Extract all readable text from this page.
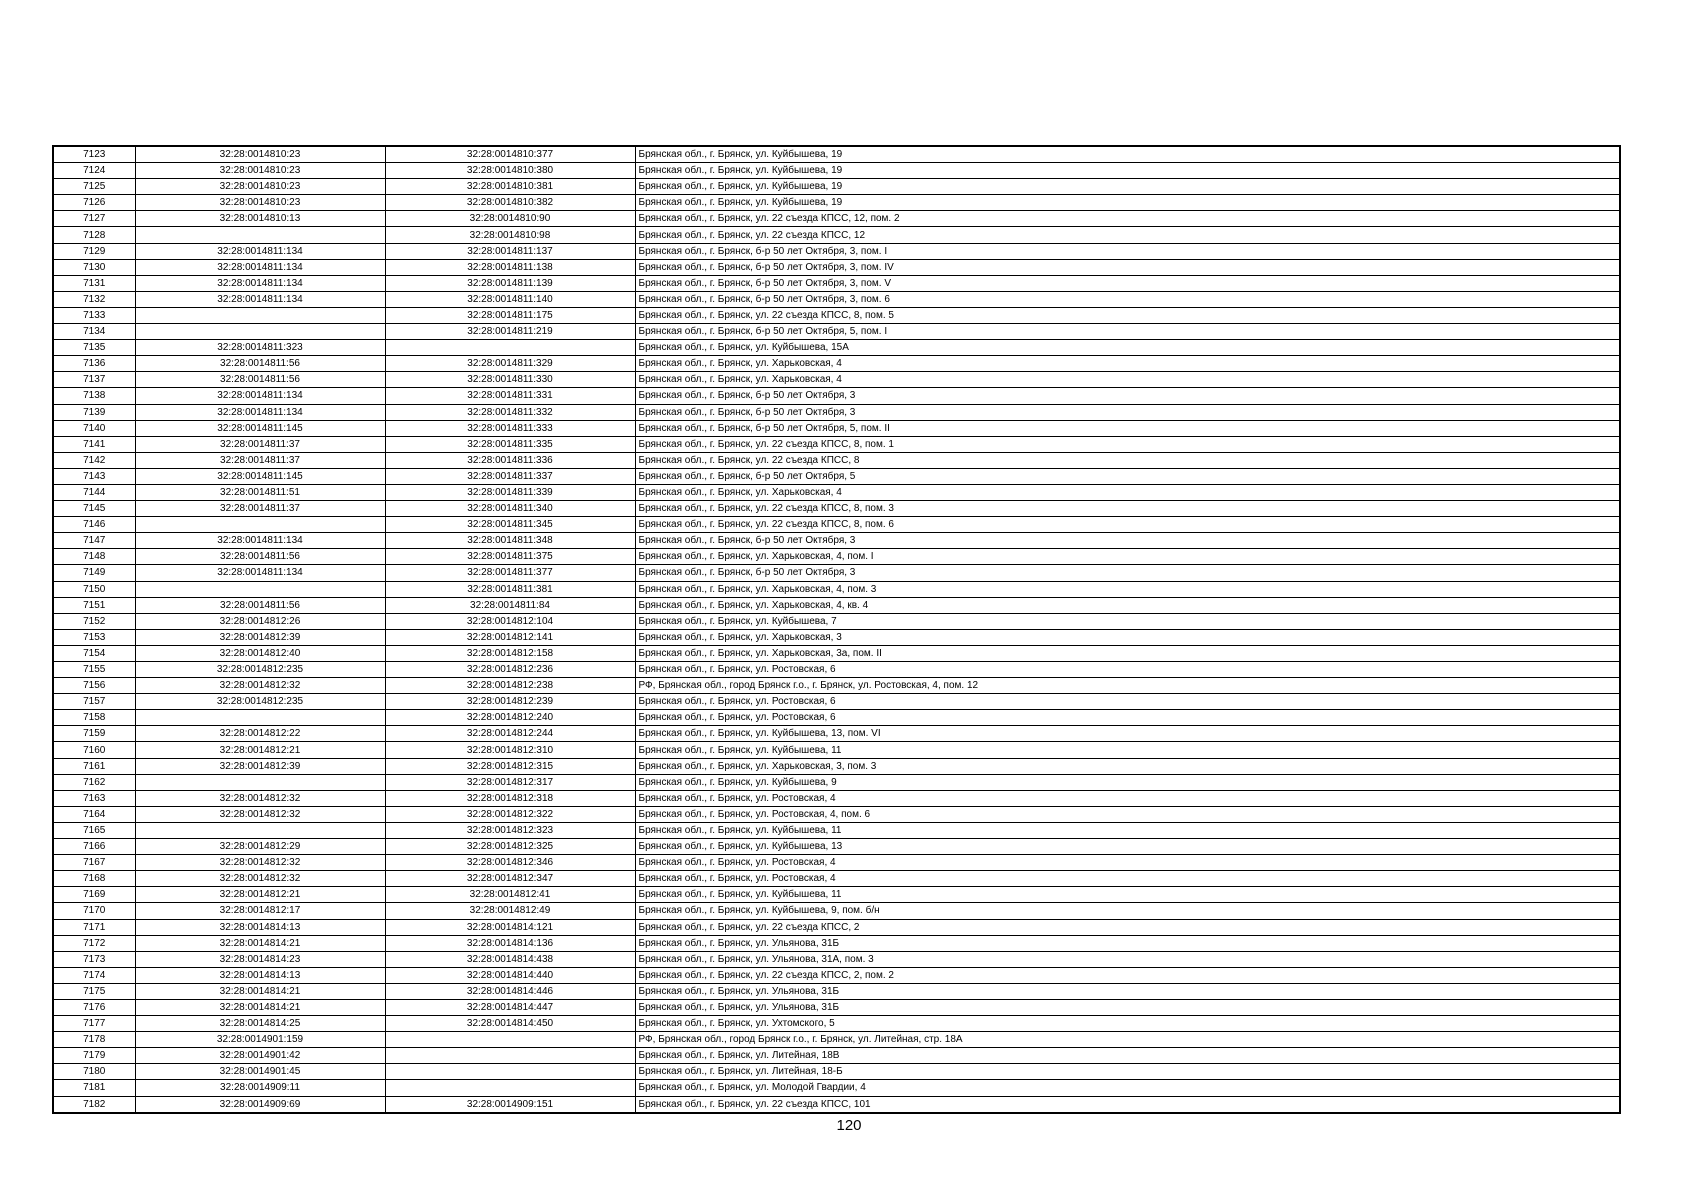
7123	32:28:0014810:23	32:28:0014810:377	Брянская обл., г. Брянск, ул. Куйбышева, 19
7124	32:28:0014810:23	32:28:0014810:380	Брянская обл., г. Брянск, ул. Куйбышева, 19
7125	32:28:0014810:23	32:28:0014810:381	Брянская обл., г. Брянск, ул. Куйбышева, 19
7126	32:28:0014810:23	32:28:0014810:382	Брянская обл., г. Брянск, ул. Куйбышева, 19
7127	32:28:0014810:13	32:28:0014810:90	Брянская обл., г. Брянск, ул. 22 съезда КПСС, 12, пом. 2
7128		32:28:0014810:98	Брянская обл., г. Брянск, ул. 22 съезда КПСС, 12
7129	32:28:0014811:134	32:28:0014811:137	Брянская обл., г. Брянск, б-р 50 лет Октября, 3, пом. I
7130	32:28:0014811:134	32:28:0014811:138	Брянская обл., г. Брянск, б-р 50 лет Октября, 3, пом. IV
7131	32:28:0014811:134	32:28:0014811:139	Брянская обл., г. Брянск, б-р 50 лет Октября, 3, пом. V
7132	32:28:0014811:134	32:28:0014811:140	Брянская обл., г. Брянск, б-р 50 лет Октября, 3, пом. 6
7133		32:28:0014811:175	Брянская обл., г. Брянск, ул. 22 съезда КПСС, 8, пом. 5
7134		32:28:0014811:219	Брянская обл., г. Брянск, б-р 50 лет Октября, 5, пом. I
7135	32:28:0014811:323		Брянская обл., г. Брянск, ул. Куйбышева, 15А
7136	32:28:0014811:56	32:28:0014811:329	Брянская обл., г. Брянск, ул. Харьковская, 4
7137	32:28:0014811:56	32:28:0014811:330	Брянская обл., г. Брянск, ул. Харьковская, 4
7138	32:28:0014811:134	32:28:0014811:331	Брянская обл., г. Брянск, б-р 50 лет Октября, 3
7139	32:28:0014811:134	32:28:0014811:332	Брянская обл., г. Брянск, б-р 50 лет Октября, 3
7140	32:28:0014811:145	32:28:0014811:333	Брянская обл., г. Брянск, б-р 50 лет Октября, 5, пом. II
7141	32:28:0014811:37	32:28:0014811:335	Брянская обл., г. Брянск, ул. 22 съезда КПСС, 8, пом. 1
7142	32:28:0014811:37	32:28:0014811:336	Брянская обл., г. Брянск, ул. 22 съезда КПСС, 8
7143	32:28:0014811:145	32:28:0014811:337	Брянская обл., г. Брянск, б-р 50 лет Октября, 5
7144	32:28:0014811:51	32:28:0014811:339	Брянская обл., г. Брянск, ул. Харьковская, 4
7145	32:28:0014811:37	32:28:0014811:340	Брянская обл., г. Брянск, ул. 22 съезда КПСС, 8, пом. 3
7146		32:28:0014811:345	Брянская обл., г. Брянск, ул. 22 съезда КПСС, 8, пом. 6
7147	32:28:0014811:134	32:28:0014811:348	Брянская обл., г. Брянск, б-р 50 лет Октября, 3
7148	32:28:0014811:56	32:28:0014811:375	Брянская обл., г. Брянск, ул. Харьковская, 4, пом. I
7149	32:28:0014811:134	32:28:0014811:377	Брянская обл., г. Брянск, б-р 50 лет Октября, 3
7150		32:28:0014811:381	Брянская обл., г. Брянск, ул. Харьковская, 4, пом. 3
7151	32:28:0014811:56	32:28:0014811:84	Брянская обл., г. Брянск, ул. Харьковская, 4, кв. 4
7152	32:28:0014812:26	32:28:0014812:104	Брянская обл., г. Брянск, ул. Куйбышева, 7
7153	32:28:0014812:39	32:28:0014812:141	Брянская обл., г. Брянск, ул. Харьковская, 3
7154	32:28:0014812:40	32:28:0014812:158	Брянская обл., г. Брянск, ул. Харьковская, 3а, пом. II
7155	32:28:0014812:235	32:28:0014812:236	Брянская обл., г. Брянск, ул. Ростовская, 6
7156	32:28:0014812:32	32:28:0014812:238	РФ, Брянская обл., город Брянск г.о., г. Брянск, ул. Ростовская, 4, пом. 12
7157	32:28:0014812:235	32:28:0014812:239	Брянская обл., г. Брянск, ул. Ростовская, 6
7158		32:28:0014812:240	Брянская обл., г. Брянск, ул. Ростовская, 6
7159	32:28:0014812:22	32:28:0014812:244	Брянская обл., г. Брянск, ул. Куйбышева, 13, пом. VI
7160	32:28:0014812:21	32:28:0014812:310	Брянская обл., г. Брянск, ул. Куйбышева, 11
7161	32:28:0014812:39	32:28:0014812:315	Брянская обл., г. Брянск, ул. Харьковская, 3, пом. 3
7162		32:28:0014812:317	Брянская обл., г. Брянск, ул. Куйбышева, 9
7163	32:28:0014812:32	32:28:0014812:318	Брянская обл., г. Брянск, ул. Ростовская, 4
7164	32:28:0014812:32	32:28:0014812:322	Брянская обл., г. Брянск, ул. Ростовская, 4, пом. 6
7165		32:28:0014812:323	Брянская обл., г. Брянск, ул. Куйбышева, 11
7166	32:28:0014812:29	32:28:0014812:325	Брянская обл., г. Брянск, ул. Куйбышева, 13
7167	32:28:0014812:32	32:28:0014812:346	Брянская обл., г. Брянск, ул. Ростовская, 4
7168	32:28:0014812:32	32:28:0014812:347	Брянская обл., г. Брянск, ул. Ростовская, 4
7169	32:28:0014812:21	32:28:0014812:41	Брянская обл., г. Брянск, ул. Куйбышева, 11
7170	32:28:0014812:17	32:28:0014812:49	Брянская обл., г. Брянск, ул. Куйбышева, 9, пом. б/н
7171	32:28:0014814:13	32:28:0014814:121	Брянская обл., г. Брянск, ул. 22 съезда КПСС, 2
7172	32:28:0014814:21	32:28:0014814:136	Брянская обл., г. Брянск, ул. Ульянова, 31Б
7173	32:28:0014814:23	32:28:0014814:438	Брянская обл., г. Брянск, ул. Ульянова, 31А, пом. 3
7174	32:28:0014814:13	32:28:0014814:440	Брянская обл., г. Брянск, ул. 22 съезда КПСС, 2, пом. 2
7175	32:28:0014814:21	32:28:0014814:446	Брянская обл., г. Брянск, ул. Ульянова, 31Б
7176	32:28:0014814:21	32:28:0014814:447	Брянская обл., г. Брянск, ул. Ульянова, 31Б
7177	32:28:0014814:25	32:28:0014814:450	Брянская обл., г. Брянск, ул. Ухтомского, 5
7178	32:28:0014901:159		РФ, Брянская обл., город Брянск г.о., г. Брянск, ул. Литейная, стр. 18А
7179	32:28:0014901:42		Брянская обл., г. Брянск, ул. Литейная, 18В
7180	32:28:0014901:45		Брянская обл., г. Брянск, ул. Литейная, 18-Б
7181	32:28:0014909:11		Брянская обл., г. Брянск, ул. Молодой Гвардии, 4
7182	32:28:0014909:69	32:28:0014909:151	Брянская обл., г. Брянск, ул. 22 съезда КПСС, 101
120
